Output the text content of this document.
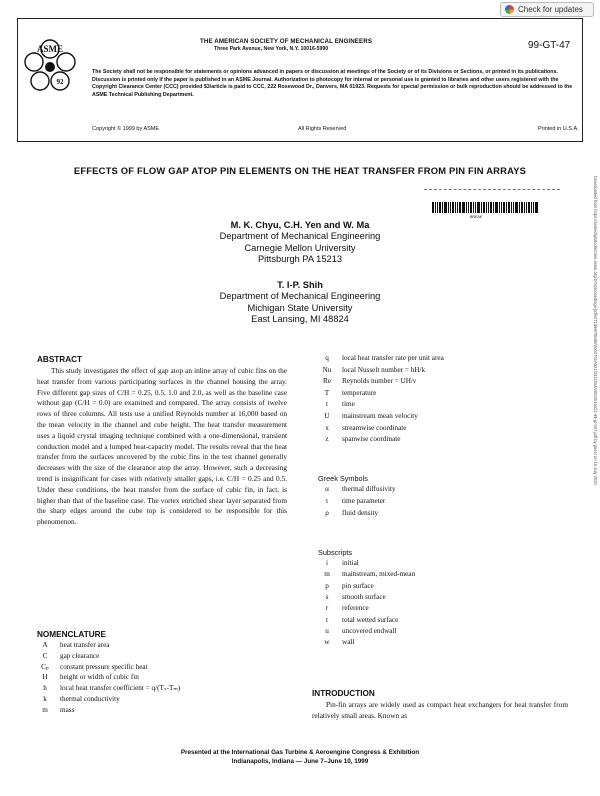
Check for updates
ASME
92
THE AMERICAN SOCIETY OF MECHANICAL ENGINEERS
Three Park Avenue, New York, N.Y. 10016-5990	99-GT-47
The Society shall not be responsible for statements or opinions advanced in papers or discussion at meetings of the Society or of its Divisions or Sections, or printed in its publications. Discussion is printed only if the paper is published in an ASME Journal. Authorization to photocopy for internal or personal use is granted to libraries and other users registered with the Copyright Clearance Center (CCC) provided $3/article is paid to CCC, 222 Rosewood Dr., Danvers, MA 01923. Requests for special permission or bulk reproduction should be addressed to the ASME Technical Publishing Department.
Copyright © 1999 by ASME	All Rights Reserved	Printed in U.S.A.
EFFECTS OF FLOW GAP ATOP PIN ELEMENTS ON THE HEAT TRANSFER FROM PIN FIN ARRAYS
BREAK	Downloaded from https://asmedigitalcollection.asme.org/GT/proceedings-pdf/GT1999/78590/V003T01A021/2412264/v003t01a021-99-gt-047.pdf by guest on 16 July 2020
M. K. Chyu, C.H. Yen and W. Ma
Department of Mechanical Engineering
Carnegie Mellon University
Pittsburgh PA 15213
T. I-P. Shih
Department of Mechanical Engineering
Michigan State University
East Lansing, MI 48824
ABSTRACT
This study investigates the effect of gap atop an inline array of cubic fins on the heat transfer from various participating surfaces in the channel housing the array. Five different gap sizes of C/H = 0.25, 0.5, 1.0 and 2.0, as well as the baseline case without gap (C/H = 0.0) are examined and compared. The array consists of twelve rows of three columns. All tests use a unified Reynolds number at 16,000 based on the mean velocity in the channel and cube height. The heat transfer measurement uses a liquid crystal imaging technique combined with a one-dimensional, transient conduction model and a lumped heat-capacity model. The results reveal that the heat transfer from the surfaces uncovered by the cubic fins in the test channel generally decreases with the size of the clearance atop the array. However, such a decreasing trend is insignificant for cases with relatively smaller gaps, i.e. C/H = 0.25 and 0.5. Under these conditions, the heat transfer from the surface of cubic fin, in fact, is higher than that of the baseline case. The vortex enriched shear layer separated from the sharp edges around the cube top is considered to be responsible for this phenomenon.
NOMENCLATURE
A	heat transfer area
C	gap clearance
Cₚ	constant pressure specific heat
H	height or width of cubic fin
h	local heat transfer coefficient = q/(Tₛ-Tₘ)
k	thermal conductivity
m	mass
q	local heat transfer rate per unit area
Nu	local Nusselt number = hH/k
Re	Reynolds number = UH/ν
T	temperature
t	time
U	mainstream mean velocity
x	streamwise coordinate
z	spanwise coordinate
Greek Symbols
α	thermal diffusivity
τ	time parameter
ρ	fluid density
Subscripts
i	initial
m	mainstream, mixed-mean
p	pin surface
s	smooth surface
r	reference
t	total wetted surface
u	uncovered endwall
w	wall
INTRODUCTION
Pin-fin arrays are widely used as compact heat exchangers for heat transfer from relatively small areas. Known as
Presented at the International Gas Turbine & Aeroengine Congress & Exhibition
Indianapolis, Indiana — June 7–June 10, 1999
